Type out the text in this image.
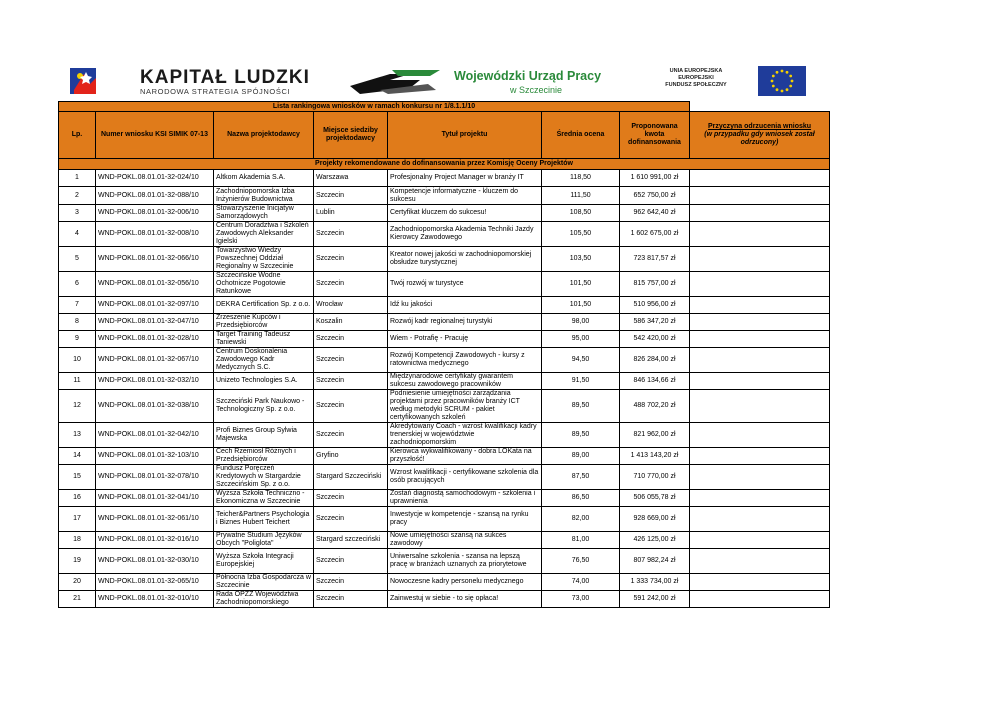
KAPITAŁ LUDZKI
NARODOWA STRATEGIA SPÓJNOŚCI
Wojewódzki Urząd Pracy
w Szczecinie
UNIA EUROPEJSKA
EUROPEJSKI
FUNDUSZ SPOŁECZNY
Lista rankingowa wniosków w ramach konkursu nr 1/8.1.1/10							
Lp.	Numer wniosku KSI SIMIK 07-13	Nazwa projektodawcy	Miejsce siedziby projektodawcy	Tytuł projektu	Średnia ocena	Proponowana kwota dofinansowania	Przyczyna odrzucenia wniosku
(w przypadku gdy wniosek został odrzucony)

Projekty rekomendowane do dofinansowania przez Komisję Oceny Projektów							
1	WND-POKL.08.01.01-32-024/10	Altkom Akademia S.A.	Warszawa	Profesjonalny Project Manager w branży IT	118,50	1 610 991,00 zł	
2	WND-POKL.08.01.01-32-088/10	Zachodniopomorska Izba Inżynierów Budownictwa	Szczecin	Kompetencje informatyczne - kluczem do sukcesu	111,50	652 750,00 zł	
3	WND-POKL.08.01.01-32-006/10	Stowarzyszenie Inicjatyw Samorządowych	Lublin	Certyfikat kluczem do sukcesu!	108,50	962 642,40 zł	
4	WND-POKL.08.01.01-32-008/10	Centrum Doradztwa i Szkoleń Zawodowych Aleksander Igielski	Szczecin	Zachodniopomorska Akademia Techniki Jazdy Kierowcy Zawodowego	105,50	1 602 675,00 zł	
5	WND-POKL.08.01.01-32-066/10	Towarzystwo Wiedzy Powszechnej Oddział Regionalny w Szczecinie	Szczecin	Kreator nowej jakości w zachodniopomorskiej obsłudze turystycznej	103,50	723 817,57 zł	
6	WND-POKL.08.01.01-32-056/10	Szczecińskie Wodne Ochotnicze Pogotowie Ratunkowe	Szczecin	Twój rozwój w turystyce	101,50	815 757,00 zł	
7	WND-POKL.08.01.01-32-097/10	DEKRA Certification Sp. z o.o.	Wrocław	Idź ku jakości	101,50	510 956,00 zł	
8	WND-POKL.08.01.01-32-047/10	Zrzeszenie Kupców i Przedsiębiorców	Koszalin	Rozwój kadr regionalnej turystyki	98,00	586 347,20 zł	
9	WND-POKL.08.01.01-32-028/10	Target Training Tadeusz Taniewski	Szczecin	Wiem - Potrafię - Pracuję	95,00	542 420,00 zł	
10	WND-POKL.08.01.01-32-067/10	Centrum Doskonalenia Zawodowego Kadr Medycznych S.C.	Szczecin	Rozwój Kompetencji Zawodowych - kursy z ratownictwa medycznego	94,50	826 284,00 zł	
11	WND-POKL.08.01.01-32-032/10	Unizeto Technologies S.A.	Szczecin	Międzynarodowe certyfikaty gwarantem sukcesu zawodowego pracowników	91,50	846 134,66 zł	
12	WND-POKL.08.01.01-32-038/10	Szczeciński Park Naukowo - Technologiczny Sp. z o.o.	Szczecin	Podniesienie umiejętności zarządzania projektami przez pracowników branży ICT według metodyki SCRUM - pakiet certyfikowanych szkoleń	89,50	488 702,20 zł	
13	WND-POKL.08.01.01-32-042/10	Profi Biznes Group Sylwia Majewska	Szczecin	Akredytowany Coach - wzrost kwalifikacji kadry trenerskiej w województwie zachodniopomorskim	89,50	821 962,00 zł	
14	WND-POKL.08.01.01-32-103/10	Cech Rzemiosł Różnych i Przedsiębiorców	Gryfino	Kierowca wykwalifikowany - dobra LOKata na przyszłość!	89,00	1 413 143,20 zł	
15	WND-POKL.08.01.01-32-078/10	Fundusz Poręczeń Kredytowych w Stargardzie Szczecińskim Sp. z o.o.	Stargard Szczeciński	Wzrost kwalifikacji - certyfikowane szkolenia dla osób pracujących	87,50	710 770,00 zł	
16	WND-POKL.08.01.01-32-041/10	Wyższa Szkoła Techniczno - Ekonomiczna w Szczecinie	Szczecin	Zostań diagnostą samochodowym - szkolenia i uprawnienia	86,50	506 055,78 zł	
17	WND-POKL.08.01.01-32-061/10	Teicher&Partners Psychologia i Biznes Hubert Teichert	Szczecin	Inwestycje w kompetencje - szansą na rynku pracy	82,00	928 669,00 zł	
18	WND-POKL.08.01.01-32-016/10	Prywatne Studium Języków Obcych "Poliglota"	Stargard szczeciński	Nowe umiejętności szansą na sukces zawodowy	81,00	426 125,00 zł	
19	WND-POKL.08.01.01-32-030/10	Wyższa Szkoła Integracji Europejskiej	Szczecin	Uniwersalne szkolenia - szansa na lepszą pracę w branżach uznanych za priorytetowe	76,50	807 982,24 zł	
20	WND-POKL.08.01.01-32-065/10	Północna Izba Gospodarcza w Szczecinie	Szczecin	Nowoczesne kadry personelu medycznego	74,00	1 333 734,00 zł	
21	WND-POKL.08.01.01-32-010/10	Rada OPZZ Województwa Zachodniopomorskiego	Szczecin	Zainwestuj w siebie - to się opłaca!	73,00	591 242,00 zł	
